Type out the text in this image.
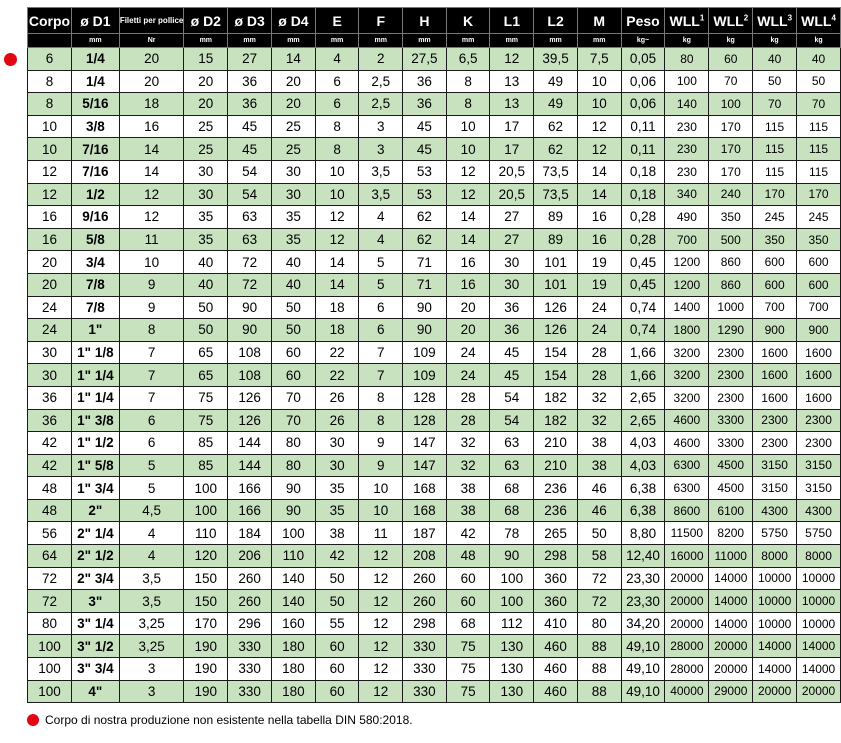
Corpo	ø D1	Filetti per pollice	ø D2	ø D3	ø D4	E	F	H	K	L1	L2	M	Peso	WLL$^1$	WLL$^2$	WLL$^3$	WLL$^4$
	mm	Nr	mm	mm	mm	mm	mm	mm	mm	mm	mm	mm	kg~	kg	kg	kg	kg
6	1/4	20	15	27	14	4	2	27,5	6,5	12	39,5	7,5	0,05	80	60	40	40
8	1/4	20	20	36	20	6	2,5	36	8	13	49	10	0,06	100	70	50	50
8	5/16	18	20	36	20	6	2,5	36	8	13	49	10	0,06	140	100	70	70
10	3/8	16	25	45	25	8	3	45	10	17	62	12	0,11	230	170	115	115
10	7/16	14	25	45	25	8	3	45	10	17	62	12	0,11	230	170	115	115
12	7/16	14	30	54	30	10	3,5	53	12	20,5	73,5	14	0,18	230	170	115	115
12	1/2	12	30	54	30	10	3,5	53	12	20,5	73,5	14	0,18	340	240	170	170
16	9/16	12	35	63	35	12	4	62	14	27	89	16	0,28	490	350	245	245
16	5/8	11	35	63	35	12	4	62	14	27	89	16	0,28	700	500	350	350
20	3/4	10	40	72	40	14	5	71	16	30	101	19	0,45	1200	860	600	600
20	7/8	9	40	72	40	14	5	71	16	30	101	19	0,45	1200	860	600	600
24	7/8	9	50	90	50	18	6	90	20	36	126	24	0,74	1400	1000	700	700
24	1"	8	50	90	50	18	6	90	20	36	126	24	0,74	1800	1290	900	900
30	1" 1/8	7	65	108	60	22	7	109	24	45	154	28	1,66	3200	2300	1600	1600
30	1" 1/4	7	65	108	60	22	7	109	24	45	154	28	1,66	3200	2300	1600	1600
36	1" 1/4	7	75	126	70	26	8	128	28	54	182	32	2,65	3200	2300	1600	1600
36	1" 3/8	6	75	126	70	26	8	128	28	54	182	32	2,65	4600	3300	2300	2300
42	1" 1/2	6	85	144	80	30	9	147	32	63	210	38	4,03	4600	3300	2300	2300
42	1" 5/8	5	85	144	80	30	9	147	32	63	210	38	4,03	6300	4500	3150	3150
48	1" 3/4	5	100	166	90	35	10	168	38	68	236	46	6,38	6300	4500	3150	3150
48	2"	4,5	100	166	90	35	10	168	38	68	236	46	6,38	8600	6100	4300	4300
56	2" 1/4	4	110	184	100	38	11	187	42	78	265	50	8,80	11500	8200	5750	5750
64	2" 1/2	4	120	206	110	42	12	208	48	90	298	58	12,40	16000	11000	8000	8000
72	2" 3/4	3,5	150	260	140	50	12	260	60	100	360	72	23,30	20000	14000	10000	10000
72	3"	3,5	150	260	140	50	12	260	60	100	360	72	23,30	20000	14000	10000	10000
80	3" 1/4	3,25	170	296	160	55	12	298	68	112	410	80	34,20	20000	14000	10000	10000
100	3" 1/2	3,25	190	330	180	60	12	330	75	130	460	88	49,10	28000	20000	14000	14000
100	3" 3/4	3	190	330	180	60	12	330	75	130	460	88	49,10	28000	20000	14000	14000
100	4"	3	190	330	180	60	12	330	75	130	460	88	49,10	40000	29000	20000	20000
Corpo di nostra produzione non esistente nella tabella DIN 580:2018.
